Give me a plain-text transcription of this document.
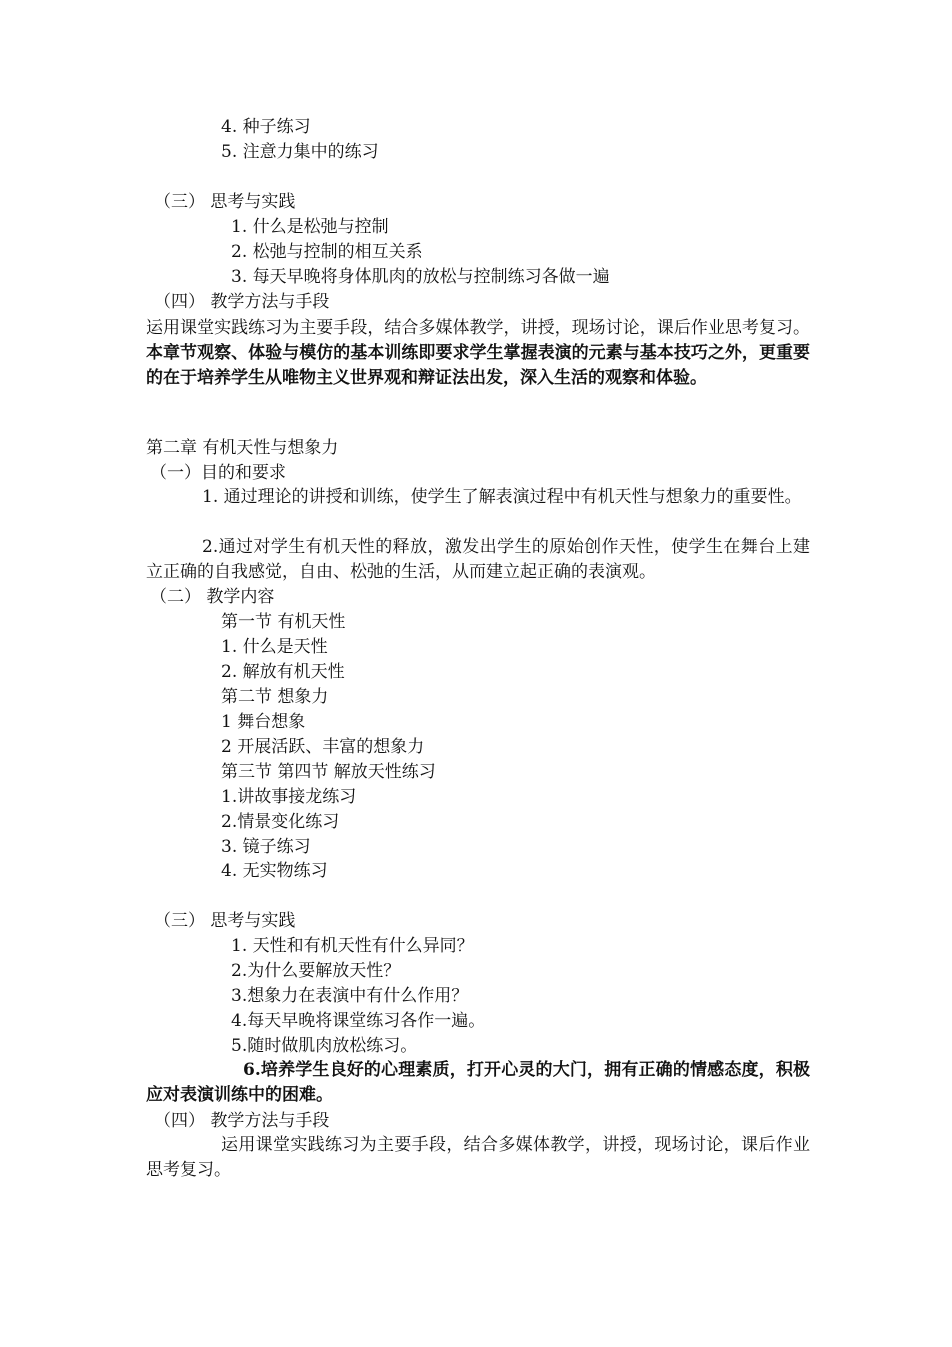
4. 种子练习
5. 注意力集中的练习
（三） 思考与实践
1. 什么是松弛与控制
2. 松弛与控制的相互关系
3. 每天早晚将身体肌肉的放松与控制练习各做一遍
（四） 教学方法与手段
运用课堂实践练习为主要手段，结合多媒体教学，讲授，现场讨论，课后作业思考复习。本章节观察、体验与模仿的基本训练即要求学生掌握表演的元素与基本技巧之外，更重要的在于培养学生从唯物主义世界观和辩证法出发，深入生活的观察和体验。
第二章 有机天性与想象力
（一）目的和要求
1. 通过理论的讲授和训练，使学生了解表演过程中有机天性与想象力的重要性。
2.通过对学生有机天性的释放，激发出学生的原始创作天性，使学生在舞台上建立正确的自我感觉，自由、松弛的生活，从而建立起正确的表演观。
（二） 教学内容
第一节 有机天性
1. 什么是天性
2. 解放有机天性
第二节 想象力
1 舞台想象
2 开展活跃、丰富的想象力
第三节 第四节 解放天性练习
1.讲故事接龙练习
2.情景变化练习
3. 镜子练习
4. 无实物练习
（三） 思考与实践
1. 天性和有机天性有什么异同？
2.为什么要解放天性？
3.想象力在表演中有什么作用？
4.每天早晚将课堂练习各作一遍。
5.随时做肌肉放松练习。
6.培养学生良好的心理素质，打开心灵的大门，拥有正确的情感态度，积极应对表演训练中的困难。
（四） 教学方法与手段
运用课堂实践练习为主要手段，结合多媒体教学，讲授，现场讨论，课后作业思考复习。
